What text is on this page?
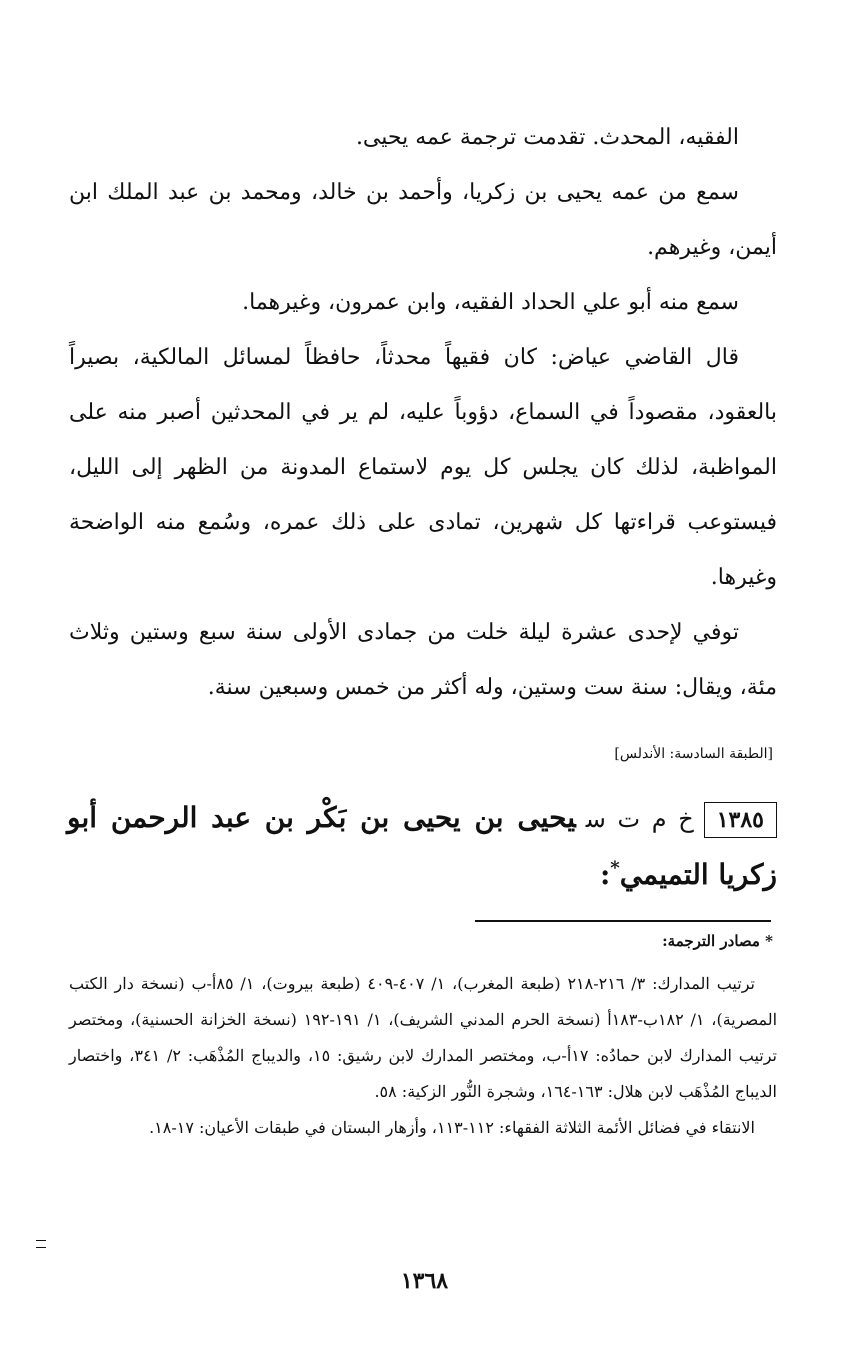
الفقيه، المحدث. تقدمت ترجمة عمه يحيى.

سمع من عمه يحيى بن زكريا، وأحمد بن خالد، ومحمد بن عبد الملك ابن أيمن، وغيرهم.

سمع منه أبو علي الحداد الفقيه، وابن عمرون، وغيرهما.

قال القاضي عياض: كان فقيهاً محدثاً، حافظاً لمسائل المالكية، بصيراً بالعقود، مقصوداً في السماع، دؤوباً عليه، لم ير في المحدثين أصبر منه على المواظبة، لذلك كان يجلس كل يوم لاستماع المدونة من الظهر إلى الليل، فيستوعب قراءتها كل شهرين، تمادى على ذلك عمره، وسُمع منه الواضحة وغيرها.

توفي لإحدى عشرة ليلة خلت من جمادى الأولى سنة سبع وستين وثلاث مئة، ويقال: سنة ست وستين، وله أكثر من خمس وسبعين سنة.

[الطبقة السادسة: الأندلس]
١٣٨٥خ م ت سيحيى بن يحيى بن بَكْر بن عبد الرحمن أبو زكريا التميمي*:
* مصادر الترجمة:

ترتيب المدارك: ٣/ ٢١٦-٢١٨ (طبعة المغرب)، ١/ ٤٠٧-٤٠٩ (طبعة بيروت)، ١/ ٨٥أ-ب (نسخة دار الكتب المصرية)، ١/ ١٨٢ب-١٨٣أ (نسخة الحرم المدني الشريف)، ١/ ١٩١-١٩٢ (نسخة الخزانة الحسنية)، ومختصر ترتيب المدارك لابن حمادُه: ١٧أ-ب، ومختصر المدارك لابن رشيق: ١٥، والديباج المُذْهَب: ٢/ ٣٤١، واختصار الديباج المُذْهَب لابن هلال: ١٦٣-١٦٤، وشجرة النُّور الزكية: ٥٨.

الانتقاء في فضائل الأئمة الثلاثة الفقهاء: ١١٢-١١٣، وأزهار البستان في طبقات الأعيان: ١٧-١٨.

١٣٦٨
